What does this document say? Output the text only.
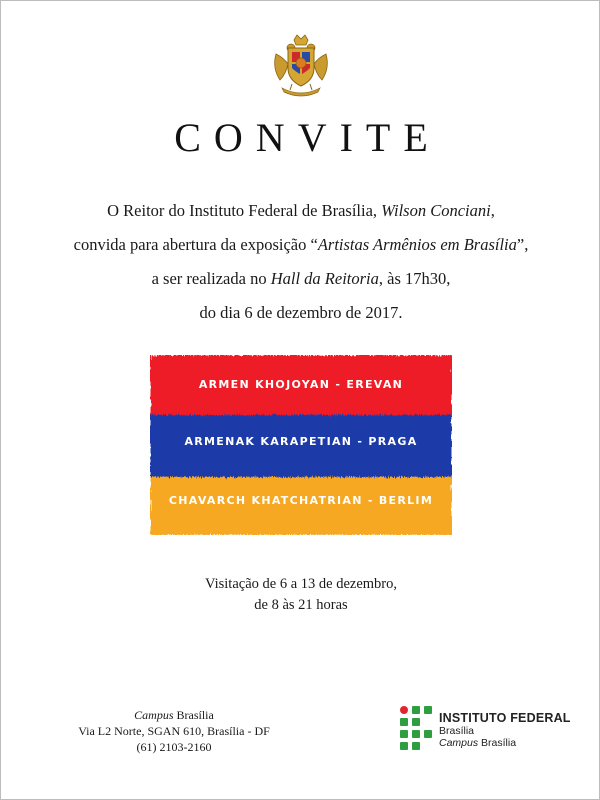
CONVITE
O Reitor do Instituto Federal de Brasília, Wilson Conciani,
convida para abertura da exposição “Artistas Armênios em Brasília”,
a ser realizada no Hall da Reitoria, às 17h30,
do dia 6 de dezembro de 2017.
ARMEN KHOJOYAN - EREVAN
ARMENAK KARAPETIAN - PRAGA
CHAVARCH KHATCHATRIAN - BERLIM
Visitação de 6 a 13 de dezembro,
de 8 às 21 horas
Campus Brasília
Via L2 Norte, SGAN 610, Brasília - DF
(61) 2103-2160
INSTITUTO FEDERAL
Brasília
Campus Brasília
